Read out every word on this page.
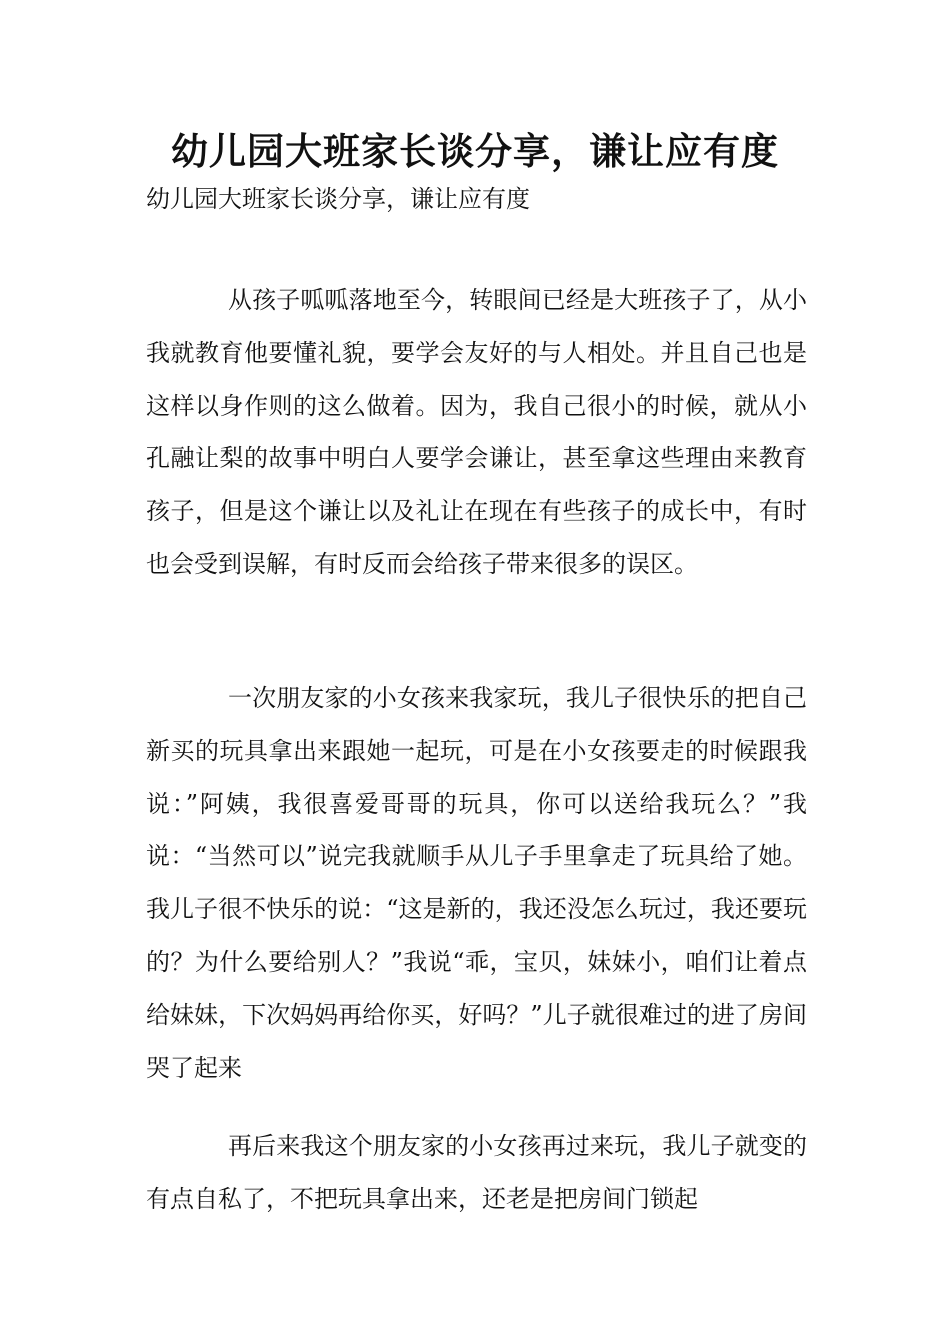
幼儿园大班家长谈分享，谦让应有度

幼儿园大班家长谈分享，谦让应有度

从孩子呱呱落地至今，转眼间已经是大班孩子了，从小我就教育他要懂礼貌，要学会友好的与人相处。并且自己也是这样以身作则的这么做着。因为，我自己很小的时候，就从小孔融让梨的故事中明白人要学会谦让，甚至拿这些理由来教育孩子，但是这个谦让以及礼让在现在有些孩子的成长中，有时也会受到误解，有时反而会给孩子带来很多的误区。

一次朋友家的小女孩来我家玩，我儿子很快乐的把自己新买的玩具拿出来跟她一起玩，可是在小女孩要走的时候跟我说：”阿姨，我很喜爱哥哥的玩具，你可以送给我玩么？”我说：“当然可以”说完我就顺手从儿子手里拿走了玩具给了她。我儿子很不快乐的说：“这是新的，我还没怎么玩过，我还要玩的？为什么要给别人？”我说“乖，宝贝，妹妹小，咱们让着点给妹妹，下次妈妈再给你买，好吗？”儿子就很难过的进了房间哭了起来

再后来我这个朋友家的小女孩再过来玩，我儿子就变的有点自私了，不把玩具拿出来，还老是把房间门锁起
